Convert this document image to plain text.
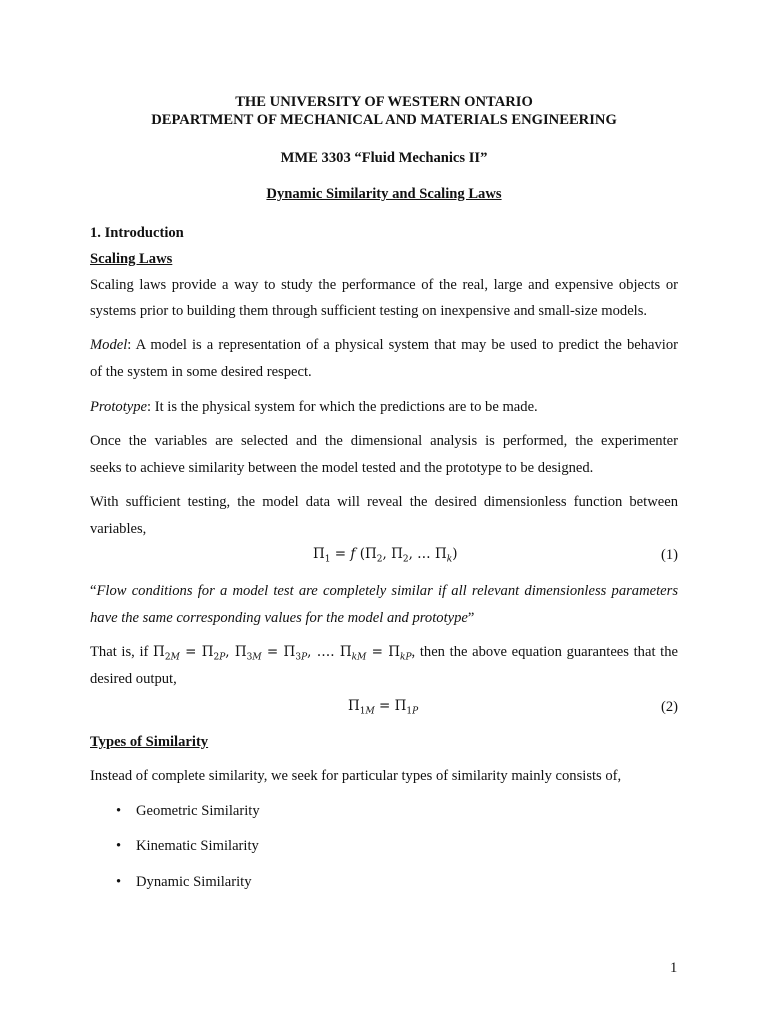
THE UNIVERSITY OF WESTERN ONTARIO
DEPARTMENT OF MECHANICAL AND MATERIALS ENGINEERING
MME 3303 “Fluid Mechanics II”
Dynamic Similarity and Scaling Laws
1. Introduction
Scaling Laws
Scaling laws provide a way to study the performance of the real, large and expensive objects or
systems prior to building them through sufficient testing on inexpensive and small-size models.
Model: A model is a representation of a physical system that may be used to predict the behavior
of the system in some desired respect.
Prototype: It is the physical system for which the predictions are to be made.
Once the variables are selected and the dimensional analysis is performed, the experimenter
seeks to achieve similarity between the model tested and the prototype to be designed.
With sufficient testing, the model data will reveal the desired dimensionless function between
variables,
$\Pi_1 = f$ ($\Pi_2$, $\Pi_2$, … $\Pi_k$)	(1)
“Flow conditions for a model test are completely similar if all relevant dimensionless parameters
have the same corresponding values for the model and prototype”
That is, if $\Pi_{2M} = \Pi_{2P}$, $\Pi_{3M} = \Pi_{3P}$, …. $\Pi_{kM} = \Pi_{kP}$, then the above equation guarantees that the
desired output,
$\Pi_{1M} = \Pi_{1P}$	(2)
Types of Similarity
Instead of complete similarity, we seek for particular types of similarity mainly consists of,
• Geometric Similarity
• Kinematic Similarity
• Dynamic Similarity
1
